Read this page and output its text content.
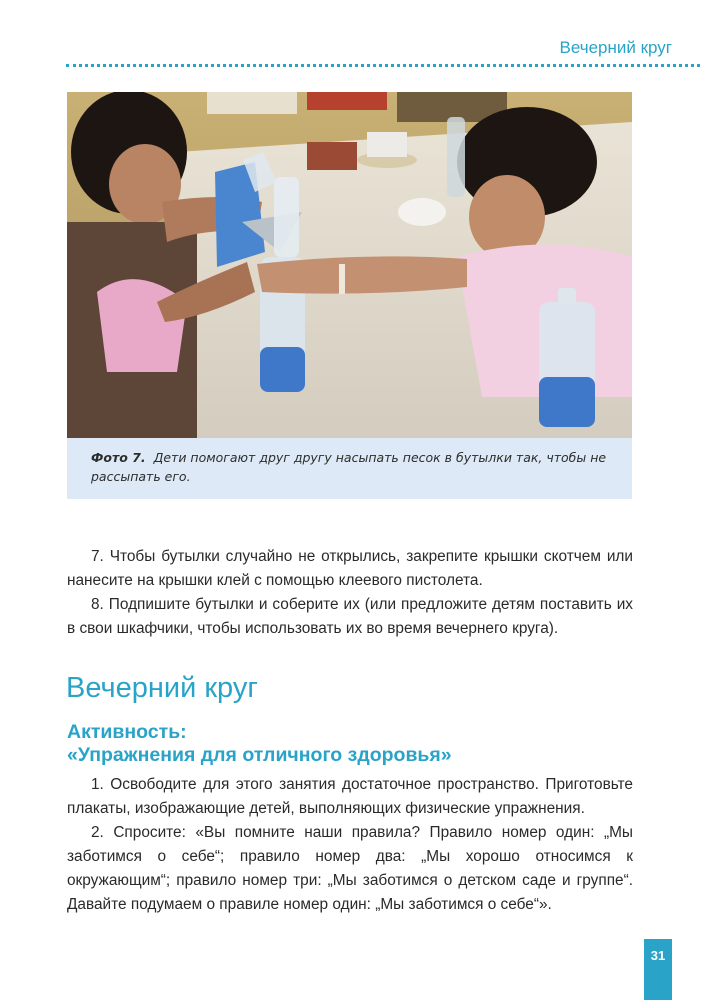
Вечерний круг

Фото 7. Дети помогают друг другу насыпать песок в бутылки так, чтобы не рассыпать его.

7. Чтобы бутылки случайно не открылись, закрепите крышки скотчем или нанесите на крышки клей с помощью клеевого пистолета.

8. Подпишите бутылки и соберите их (или предложите детям поставить их в свои шкафчики, чтобы использовать их во время вечернего круга).

Вечерний круг
Активность:
«Упражнения для отличного здоровья»

1. Освободите для этого занятия достаточное пространство. Приготовьте плакаты, изображающие детей, выполняющих физические упражнения.

2. Спросите: «Вы помните наши правила? Правило номер один: „Мы заботимся о себе“; правило номер два: „Мы хорошо относимся к окружающим“; правило номер три: „Мы заботимся о детском саде и группе“. Давайте подумаем о правиле номер один: „Мы заботимся о себе“».

31
